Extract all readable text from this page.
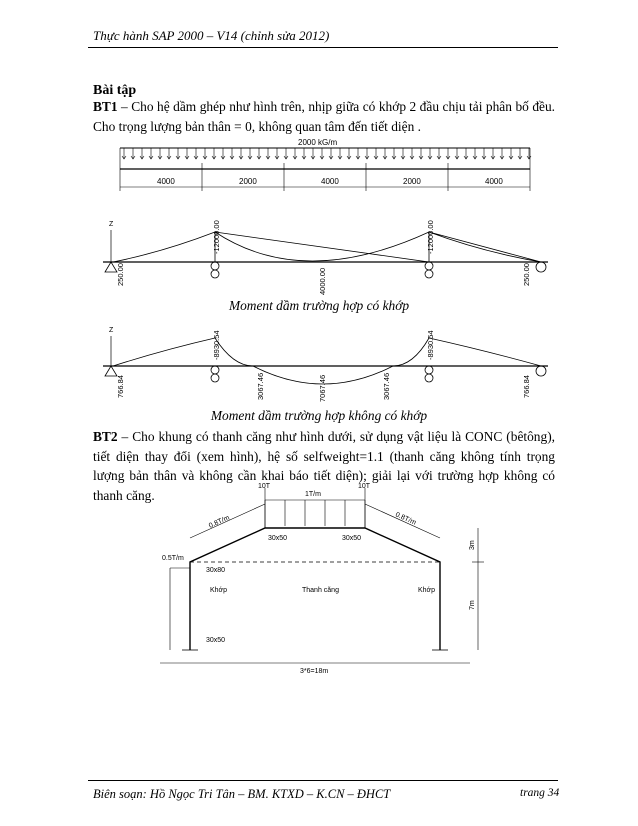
Thực hành SAP 2000 – V14 (chỉnh sửa 2012)
Bài tập
BT1 – Cho hệ dầm ghép như hình trên, nhịp giữa có khớp 2 đầu chịu tải phân bố đều. Cho trọng lượng bản thân = 0, không quan tâm đến tiết diện .
2000 kG/m
4000	2000	4000	2000	4000
Z
250.00
-12000.00
4000.00
-12000.00
250.00
Moment dầm trường hợp có khớp
Z
766.84
-8930.54
3067.46	7067.46	3067.46
-8930.54
766.84
Moment dầm trường hợp không có khớp
BT2 – Cho khung có thanh căng như hình dưới, sử dụng vật liệu là CONC (bêtông), tiết diện thay đổi (xem hình), hệ số selfweight=1.1 (thanh căng không tính trọng lượng bản thân và không cần khai báo tiết diện); giải lại với trường hợp không có thanh căng.
10T	10T
1T/m
0.8T/m	0.8T/m
0.5T/m
30x50	30x50
30x80
30x50
Khớp	Khớp
Thanh căng
3*6=18m
3m
7m
Biên soạn: Hồ Ngọc Tri Tân – BM. KTXD – K.CN – ĐHCT	trang 34
